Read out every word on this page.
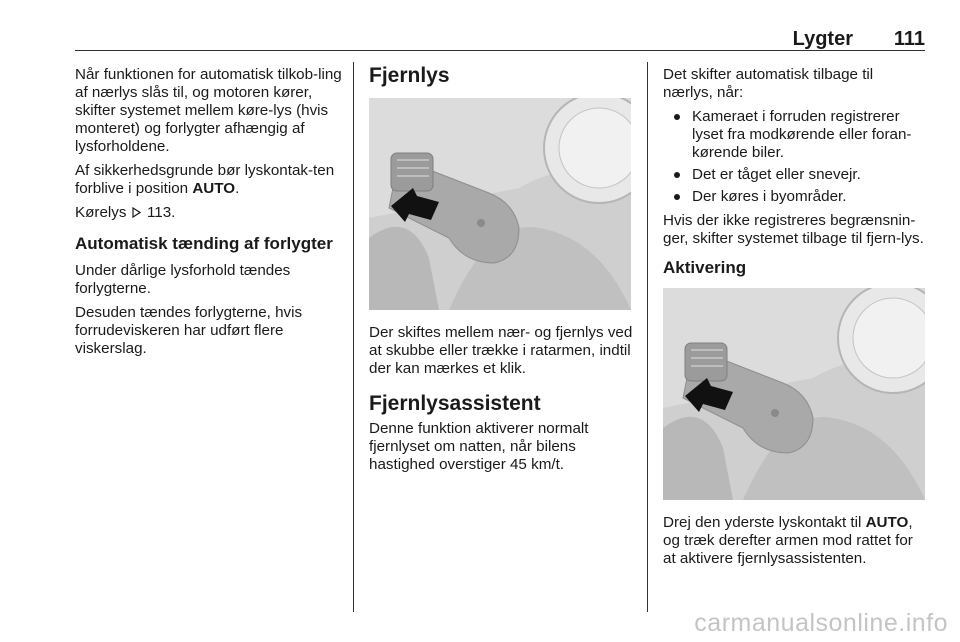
Lygter 111

Når funktionen for automatisk tilkob-ling af nærlys slås til, og motoren kører, skifter systemet mellem køre-lys (hvis monteret) og forlygter afhængig af lysforholdene.

Af sikkerhedsgrunde bør lyskontak-ten forblive i position AUTO.

Kørelys  113.

Automatisk tænding af forlygter

Under dårlige lysforhold tændes forlygterne.

Desuden tændes forlygterne, hvis forrudeviskeren har udført flere viskerslag.

Fjernlys

Der skiftes mellem nær- og fjernlys ved at skubbe eller trække i ratarmen, indtil der kan mærkes et klik.

Fjernlysassistent

Denne funktion aktiverer normalt fjernlyset om natten, når bilens hastighed overstiger 45 km/t.

Det skifter automatisk tilbage til nærlys, når:

Kameraet i forruden registrerer lyset fra modkørende eller foran-kørende biler.
Det er tåget eller snevejr.
Der køres i byområder.

Hvis der ikke registreres begrænsnin-ger, skifter systemet tilbage til fjern-lys.

Aktivering

Drej den yderste lyskontakt til AUTO, og træk derefter armen mod rattet for at aktivere fjernlysassistenten.

carmanualsonline.info
